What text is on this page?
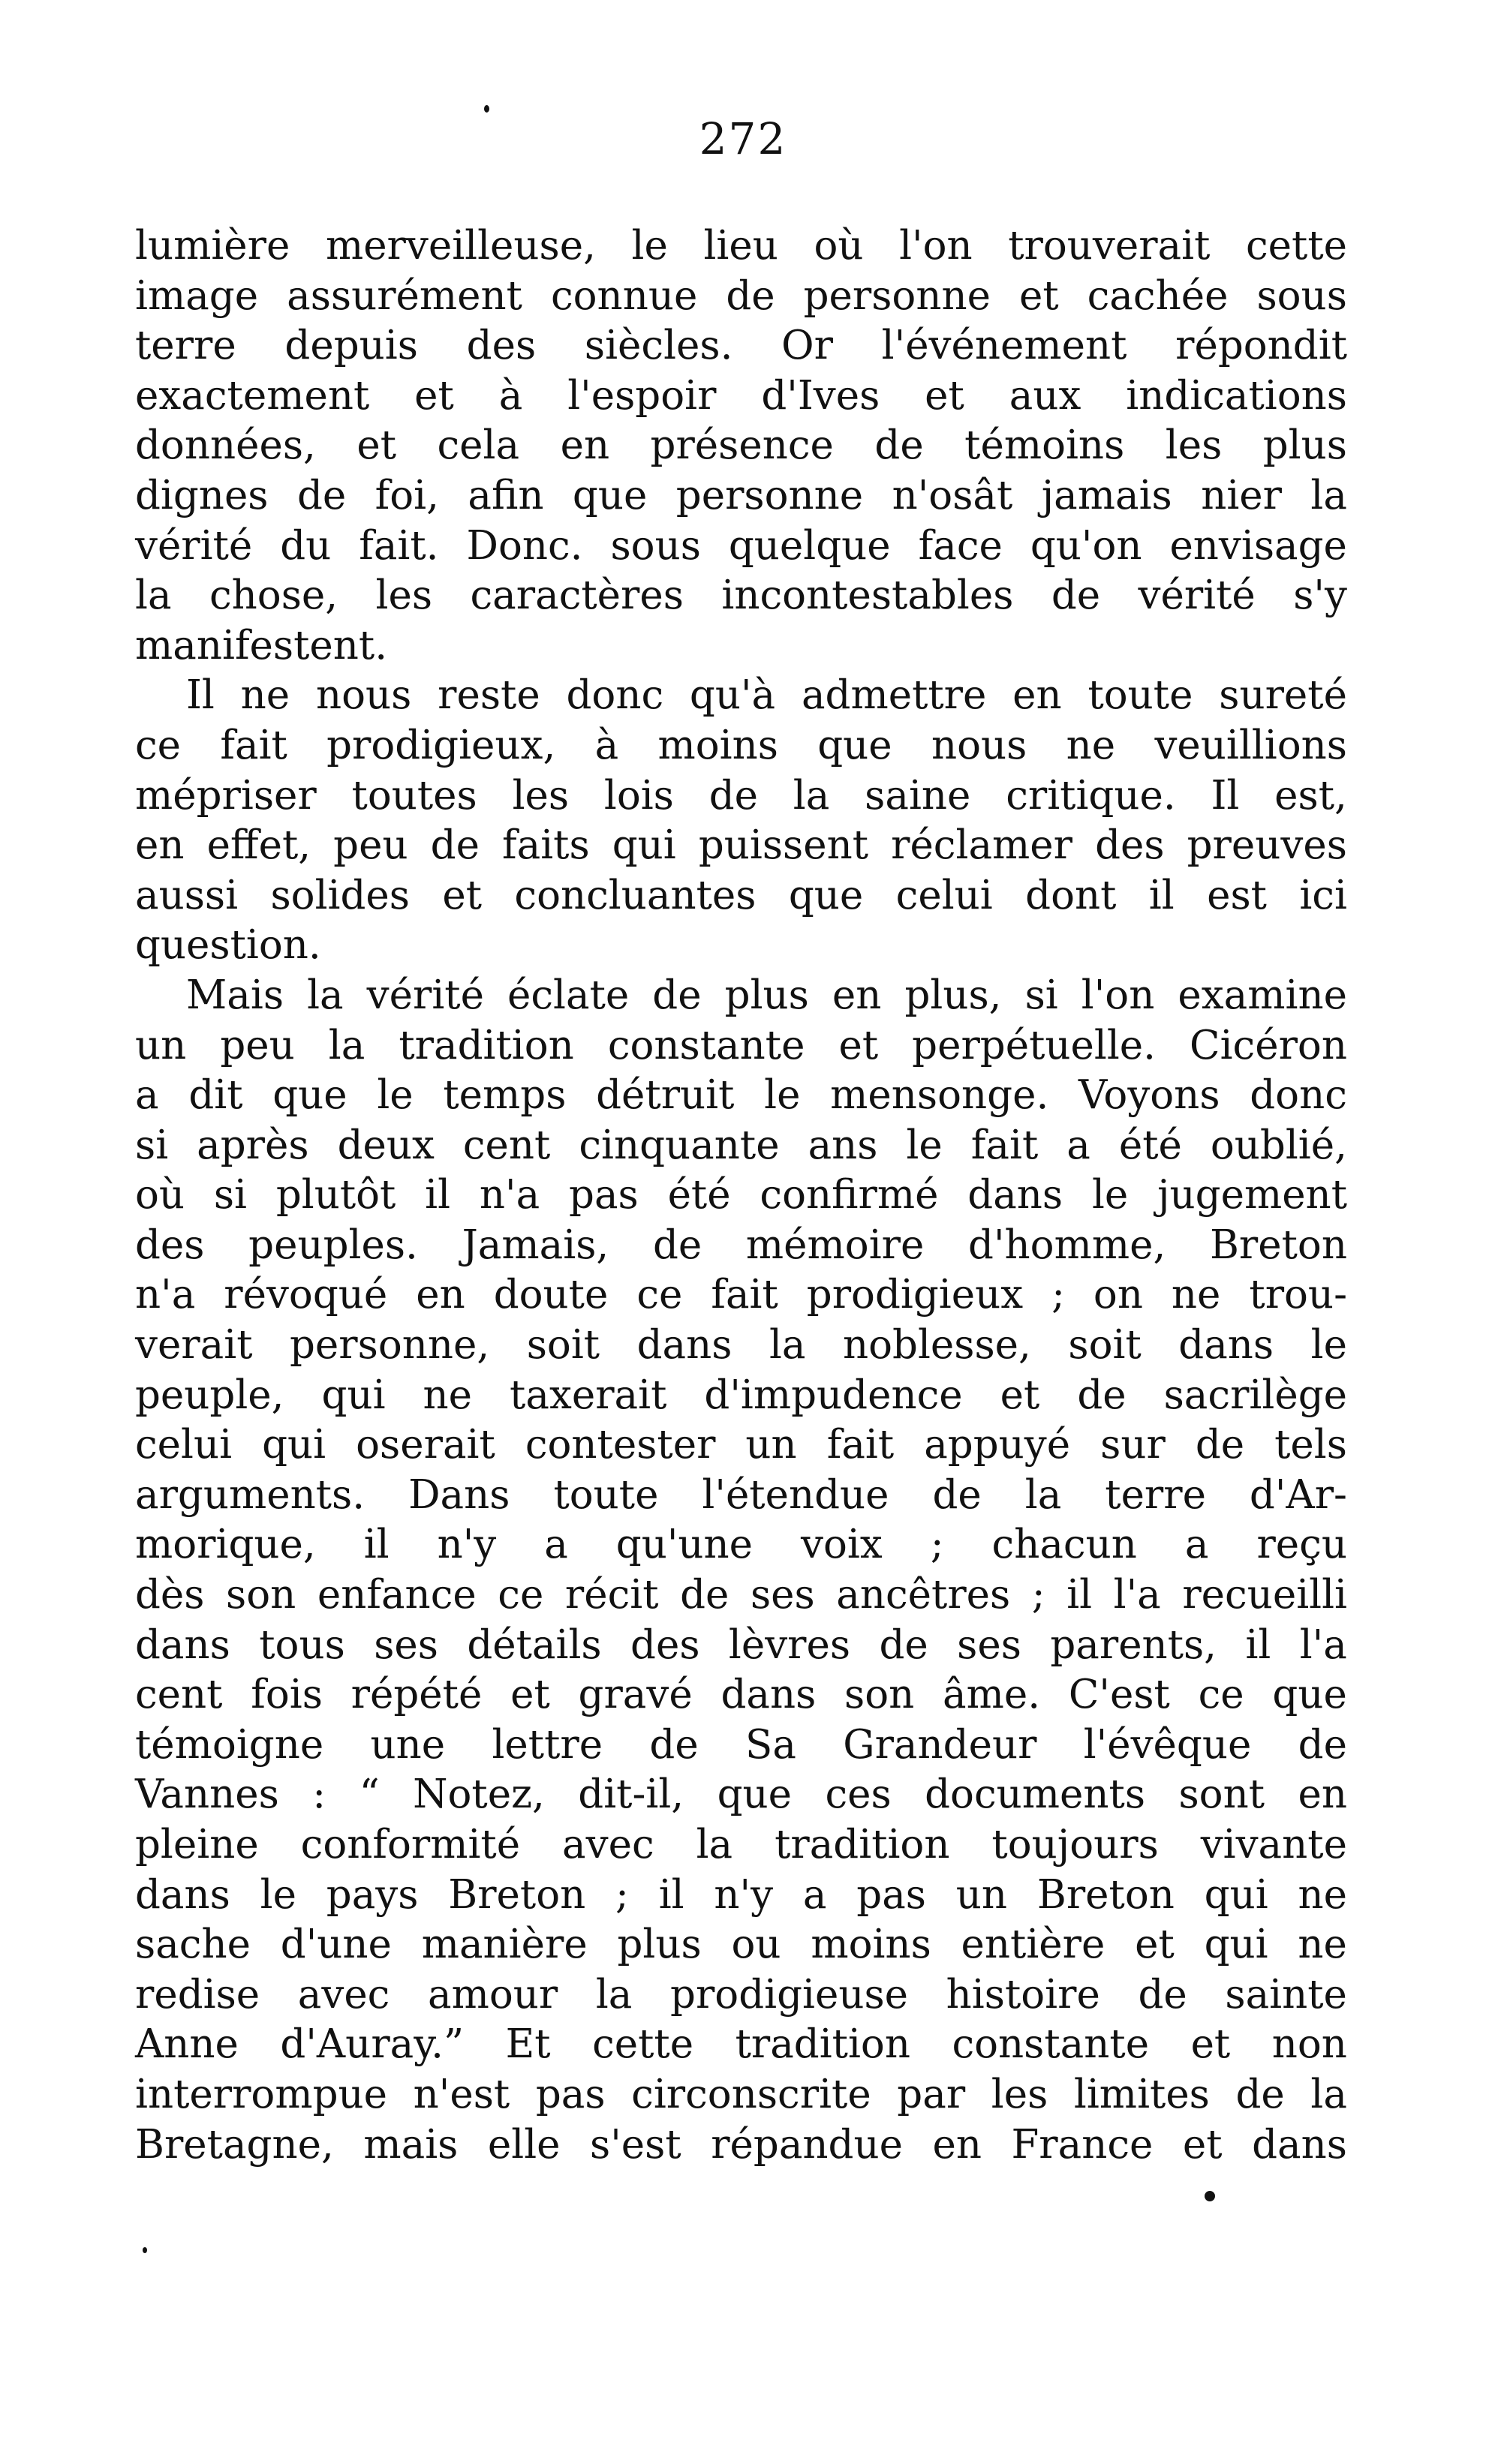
272
lumière merveilleuse, le lieu où l'on trouverait cette
image assurément connue de personne et cachée sous
terre depuis des siècles. Or l'événement répondit
exactement et à l'espoir d'Ives et aux indications
données, et cela en présence de témoins les plus
dignes de foi, afin que personne n'osât jamais nier la
vérité du fait. Donc. sous quelque face qu'on envisage
la chose, les caractères incontestables de vérité s'y
manifestent.
Il ne nous reste donc qu'à admettre en toute sureté
ce fait prodigieux, à moins que nous ne veuillions
mépriser toutes les lois de la saine critique. Il est,
en effet, peu de faits qui puissent réclamer des preuves
aussi solides et concluantes que celui dont il est ici
question.
Mais la vérité éclate de plus en plus, si l'on examine
un peu la tradition constante et perpétuelle. Cicéron
a dit que le temps détruit le mensonge. Voyons donc
si après deux cent cinquante ans le fait a été oublié,
où si plutôt il n'a pas été confirmé dans le jugement
des peuples. Jamais, de mémoire d'homme, Breton
n'a révoqué en doute ce fait prodigieux ; on ne trou-
verait personne, soit dans la noblesse, soit dans le
peuple, qui ne taxerait d'impudence et de sacrilège
celui qui oserait contester un fait appuyé sur de tels
arguments. Dans toute l'étendue de la terre d'Ar-
morique, il n'y a qu'une voix ; chacun a reçu
dès son enfance ce récit de ses ancêtres ; il l'a recueilli
dans tous ses détails des lèvres de ses parents, il l'a
cent fois répété et gravé dans son âme. C'est ce que
témoigne une lettre de Sa Grandeur l'évêque de
Vannes : “ Notez, dit-il, que ces documents sont en
pleine conformité avec la tradition toujours vivante
dans le pays Breton ; il n'y a pas un Breton qui ne
sache d'une manière plus ou moins entière et qui ne
redise avec amour la prodigieuse histoire de sainte
Anne d'Auray.” Et cette tradition constante et non
interrompue n'est pas circonscrite par les limites de la
Bretagne, mais elle s'est répandue en France et dans
